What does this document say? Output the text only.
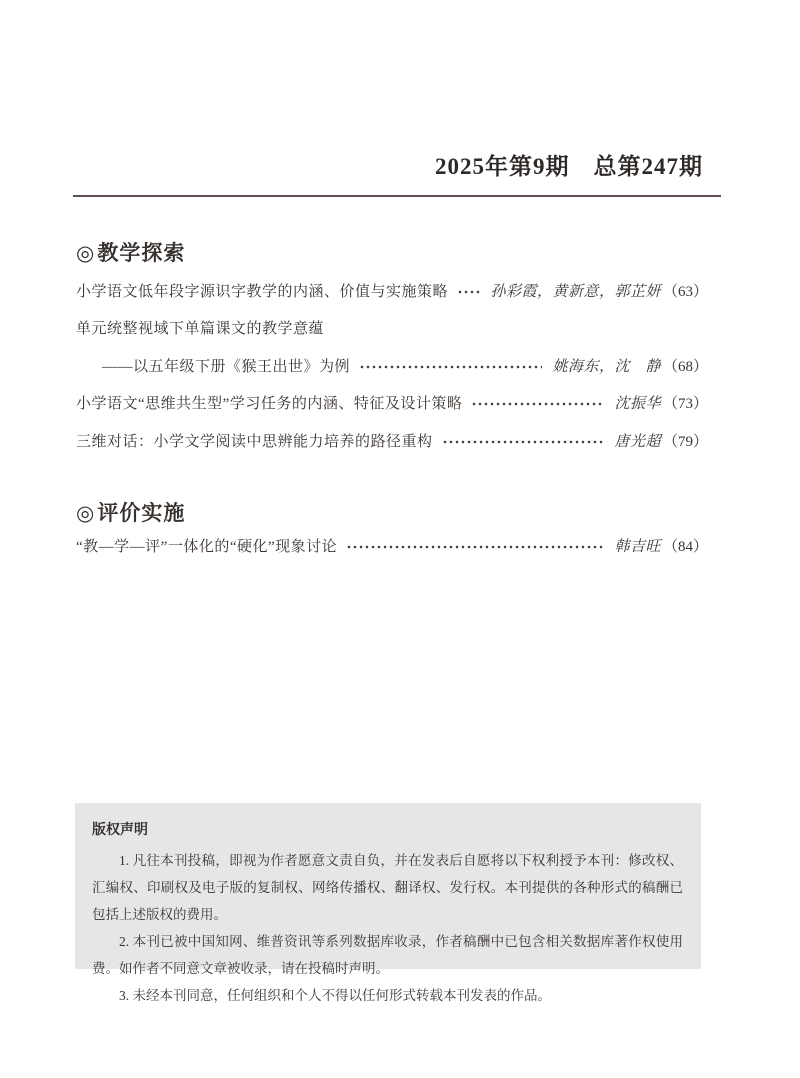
2025年第9期　总第247期
◎教学探索
小学语文低年段字源识字教学的内涵、价值与实施策略	孙彩霞，黄新意，郭芷妍 （63）
单元统整视域下单篇课文的教学意蕴
——以五年级下册《猴王出世》为例	姚海东，沈　静 （68）
小学语文“思维共生型”学习任务的内涵、特征及设计策略	沈振华 （73）
三维对话：小学文学阅读中思辨能力培养的路径重构	唐光超 （79）
◎评价实施
“教—学—评”一体化的“硬化”现象讨论	韩吉旺 （84）
版权声明

1. 凡往本刊投稿，即视为作者愿意文责自负，并在发表后自愿将以下权利授予本刊：修改权、汇编权、印刷权及电子版的复制权、网络传播权、翻译权、发行权。本刊提供的各种形式的稿酬已包括上述版权的费用。

2. 本刊已被中国知网、维普资讯等系列数据库收录，作者稿酬中已包含相关数据库著作权使用费。如作者不同意文章被收录，请在投稿时声明。

3. 未经本刊同意，任何组织和个人不得以任何形式转载本刊发表的作品。
